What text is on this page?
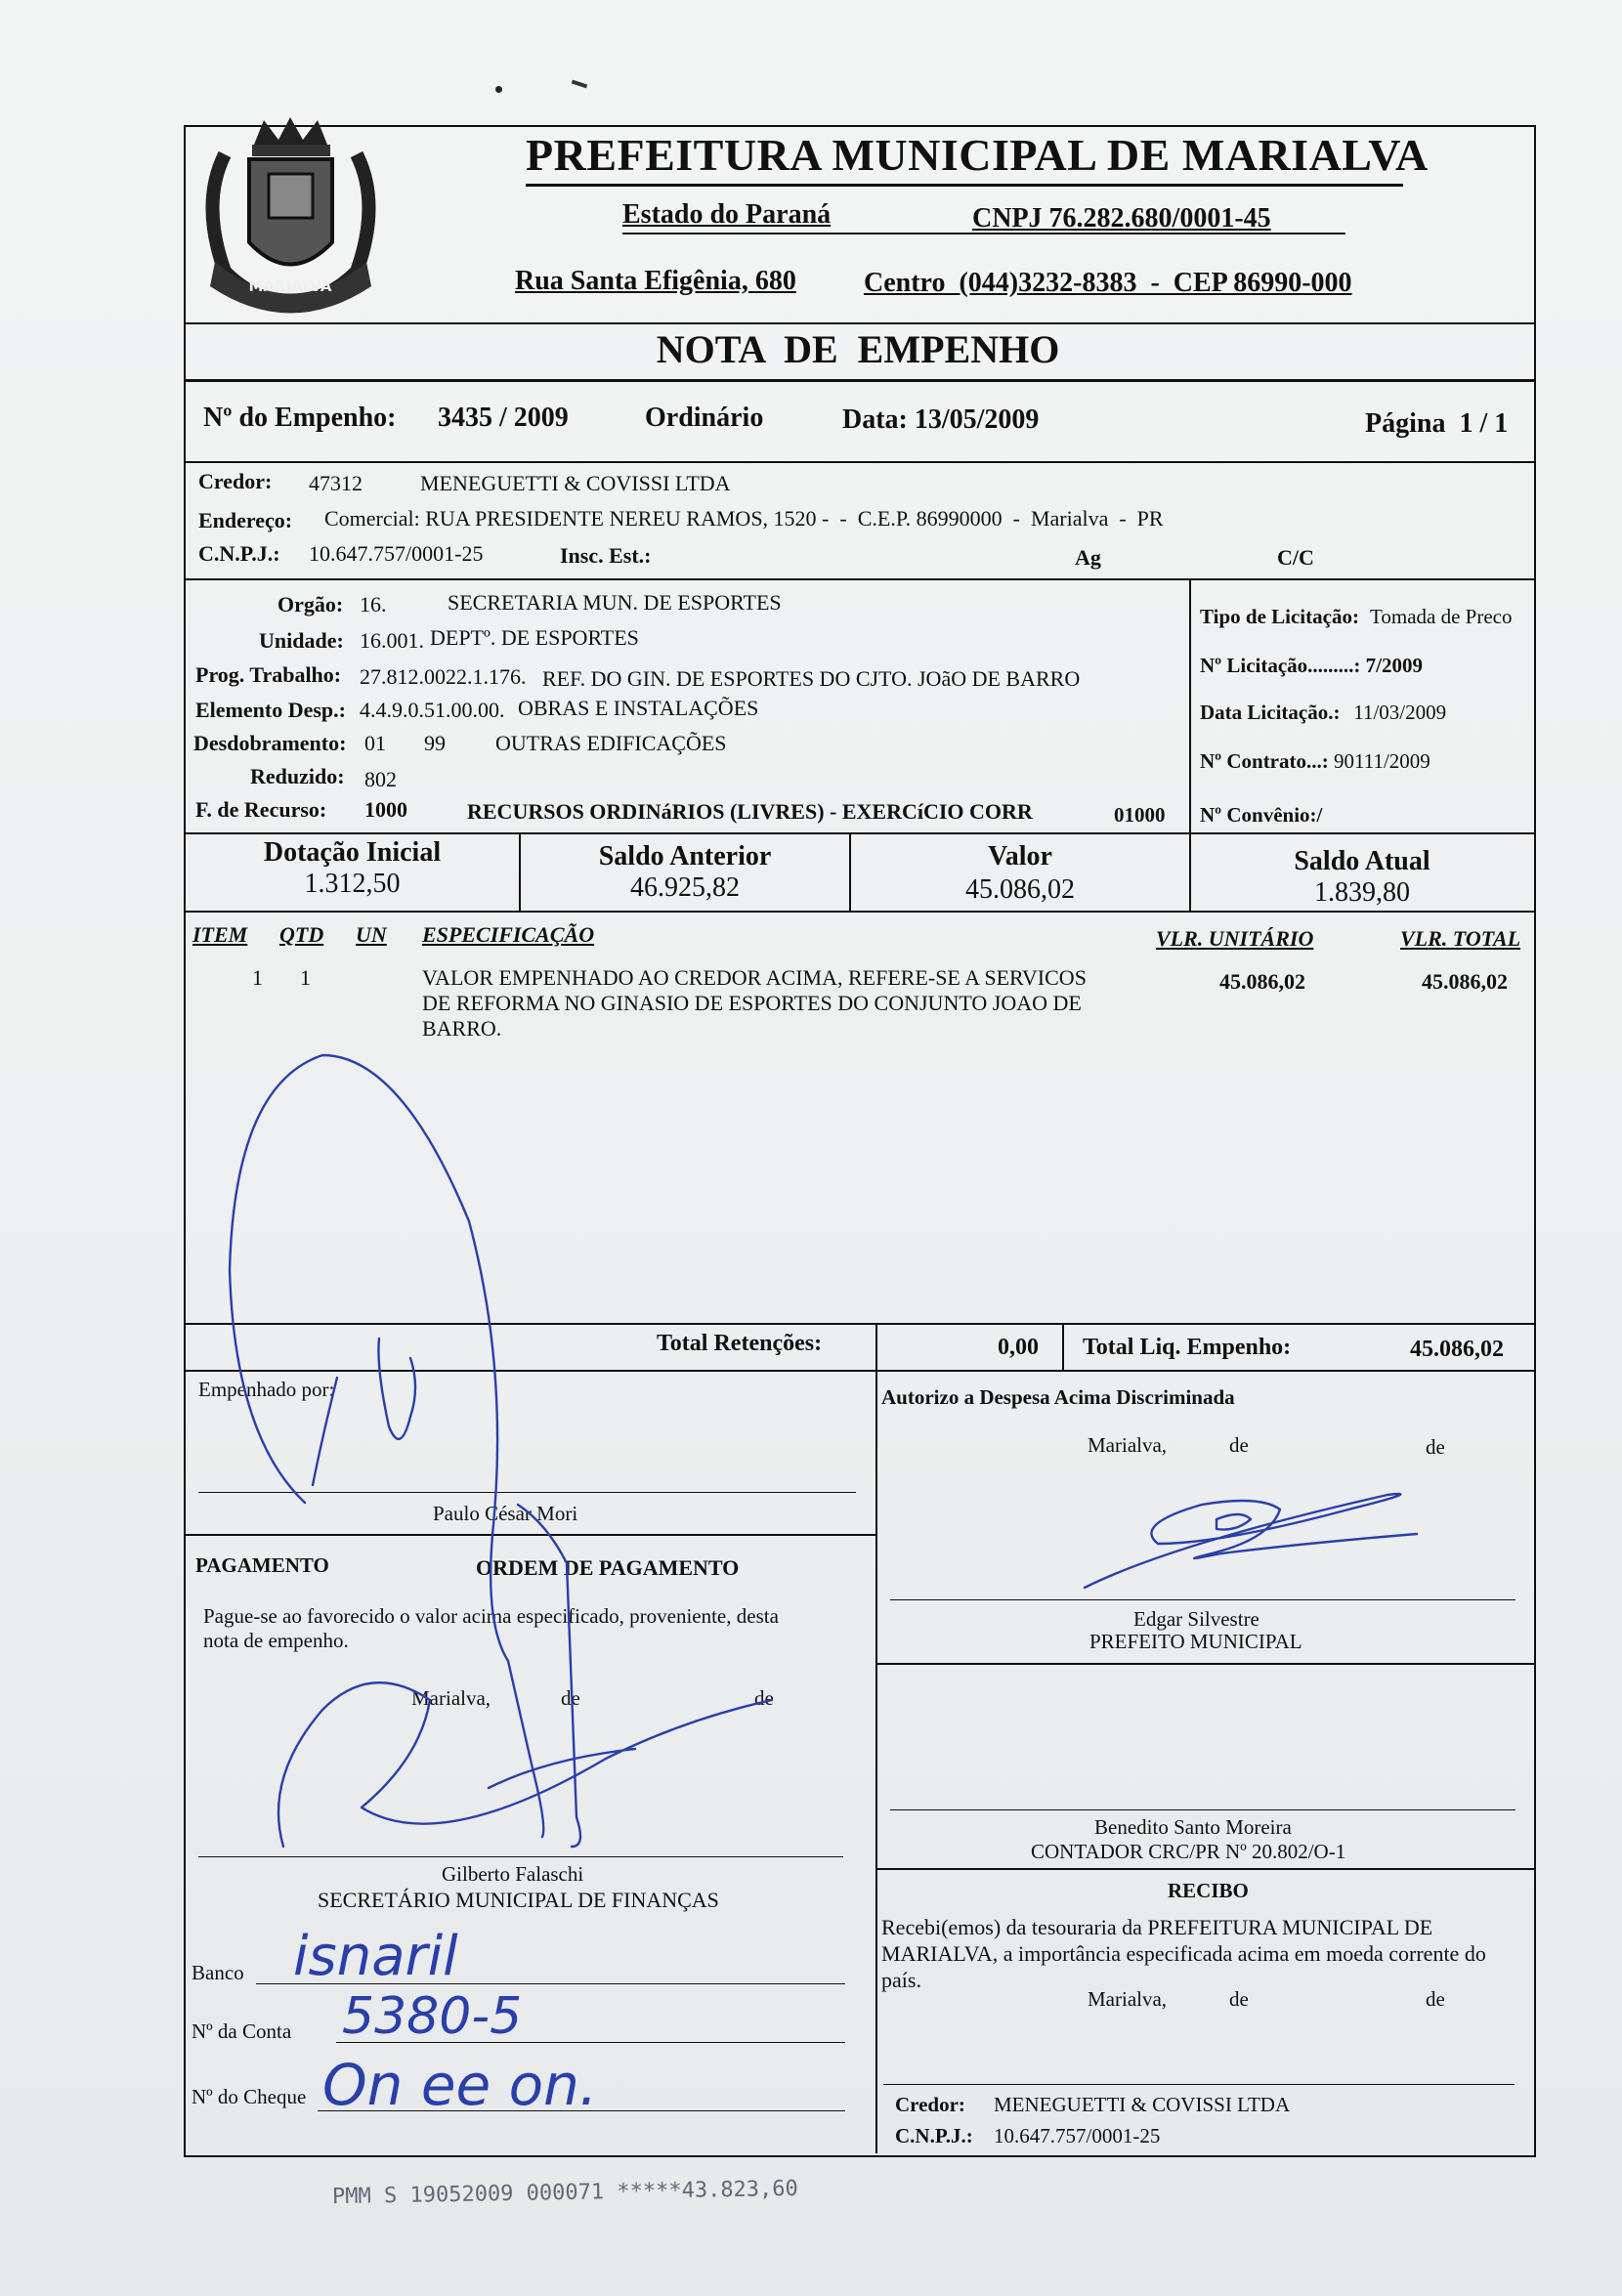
MARIALVA
PREFEITURA MUNICIPAL DE MARIALVA
Estado do Paraná	CNPJ 76.282.680/0001-45
Rua Santa Efigênia, 680 Centro  (044)3232-8383  -  CEP 86990-000
NOTA  DE  EMPENHO
Nº do Empenho: 3435 / 2009	Ordinário	Data: 13/05/2009	Página  1 / 1
Credor: 47312	MENEGUETTI & COVISSI LTDA
Endereço: Comercial: RUA PRESIDENTE NEREU RAMOS, 1520 -  -  C.E.P. 86990000  -  Marialva  -  PR
C.N.P.J.: 10.647.757/0001-25	Insc. Est.:	Ag	C/C
Orgão: 16.	SECRETARIA MUN. DE ESPORTES
Unidade: 16.001. DEPTº. DE ESPORTES
Prog. Trabalho: 27.812.0022.1.176. REF. DO GIN. DE ESPORTES DO CJTO. JOãO DE BARRO
Elemento Desp.: 4.4.9.0.51.00.00. OBRAS E INSTALAÇÕES
Desdobramento: 01 99 OUTRAS EDIFICAÇÕES
Reduzido: 802
F. de Recurso: 1000	RECURSOS ORDINáRIOS (LIVRES) - EXERCíCIO CORR	01000
Tipo de Licitação: Tomada de Preco
Nº Licitação.........: 7/2009
Data Licitação.: 11/03/2009
Nº Contrato...: 90111/2009
Nº Convênio:/
Dotação Inicial
1.312,50
Saldo Anterior
46.925,82
Valor
45.086,02
Saldo Atual
1.839,80
ITEM QTD UN ESPECIFICAÇÃO	VLR. UNITÁRIO	VLR. TOTAL
1 1	VALOR EMPENHADO AO CREDOR ACIMA, REFERE-SE A SERVICOS
DE REFORMA NO GINASIO DE ESPORTES DO CONJUNTO JOAO DE
BARRO.
45.086,02	45.086,02
Total Retenções:	0,00 Total Liq. Empenho:	45.086,02
Empenhado por:
Paulo César Mori
PAGAMENTO	ORDEM DE PAGAMENTO
Pague-se ao favorecido o valor acima especificado, proveniente, desta
nota de empenho.
Marialva,	de	de
Gilberto Falaschi
SECRETÁRIO MUNICIPAL DE FINANÇAS
Banco isnaril
Nº da Conta 5380-5
Nº do Cheque On ee on.
Autorizo a Despesa Acima Discriminada
Marialva,	de	de
Edgar Silvestre
PREFEITO MUNICIPAL
Benedito Santo Moreira
CONTADOR CRC/PR Nº 20.802/O-1
RECIBO
Recebi(emos) da tesouraria da PREFEITURA MUNICIPAL DE
MARIALVA, a importância especificada acima em moeda corrente do
país.
Marialva,	de	de
Credor: MENEGUETTI & COVISSI LTDA
C.N.P.J.: 10.647.757/0001-25
PMM S 19052009 000071 *****43.823,60
